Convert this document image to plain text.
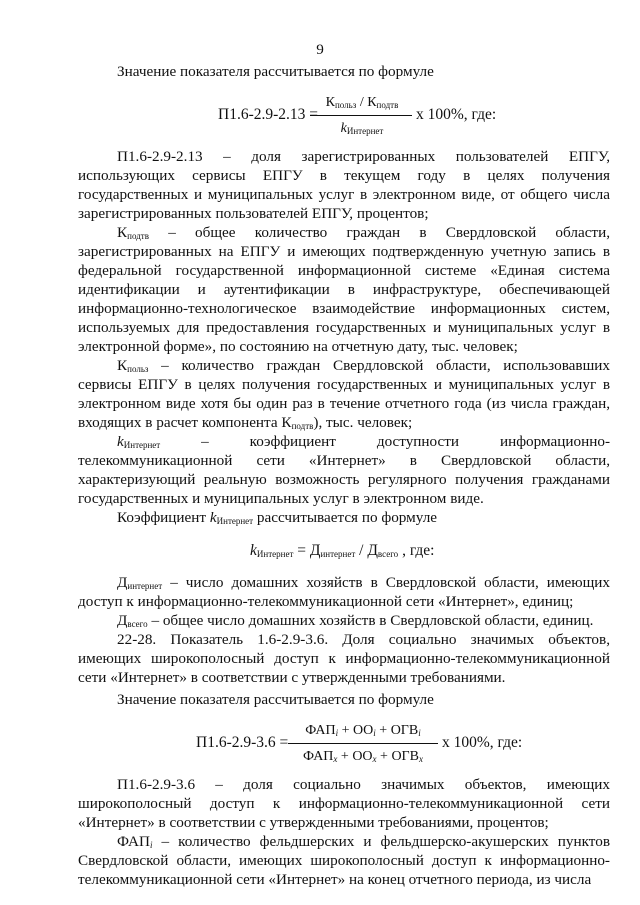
9

Значение показателя рассчитывается по формуле

П1.6-2.9-2.13 =
$К_{польз} / К_{подтв}$
$k_{Интернет}$
х 100%, где:

П1.6-2.9-2.13 – доля зарегистрированных пользователей ЕПГУ, использующих сервисы ЕПГУ в текущем году в целях получения государственных и муниципальных услуг в электронном виде, от общего числа зарегистрированных пользователей ЕПГУ, процентов;

$К_{подтв}$ – общее количество граждан в Свердловской области, зарегистрированных на ЕПГУ и имеющих подтвержденную учетную запись в федеральной государственной информационной системе «Единая система идентификации и аутентификации в инфраструктуре, обеспечивающей информационно-технологическое взаимодействие информационных систем, используемых для предоставления государственных и муниципальных услуг в электронной форме», по состоянию на отчетную дату, тыс. человек;

$К_{польз}$ – количество граждан Свердловской области, использовавших сервисы ЕПГУ в целях получения государственных и муниципальных услуг в электронном виде хотя бы один раз в течение отчетного года (из числа граждан, входящих в расчет компонента $К_{подтв}$), тыс. человек;

$k_{Интернет}$ – коэффициент доступности информационно-телекоммуникационной сети «Интернет» в Свердловской области, характеризующий реальную возможность регулярного получения гражданами государственных и муниципальных услуг в электронном виде.

Коэффициент $k_{Интернет}$ рассчитывается по формуле

$k_{Интернет} = Д_{интернет} / Д_{всего}$ , где:

$Д_{интернет}$ – число домашних хозяйств в Свердловской области, имеющих доступ к информационно-телекоммуникационной сети «Интернет», единиц;

$Д_{всего}$ – общее число домашних хозяйств в Свердловской области, единиц.

22-28. Показатель 1.6-2.9-3.6. Доля социально значимых объектов, имеющих широкополосный доступ к информационно-телекоммуникационной сети «Интернет» в соответствии с утвержденными требованиями.

Значение показателя рассчитывается по формуле

П1.6-2.9-3.6 =
$ФАП_i + ОО_i + ОГВ_i$
$ФАП_x + ОО_x + ОГВ_x$
х 100%, где:

П1.6-2.9-3.6 – доля социально значимых объектов, имеющих широкополосный доступ к информационно-телекоммуникационной сети «Интернет» в соответствии с утвержденными требованиями, процентов;

$ФАП_i$ – количество фельдшерских и фельдшерско-акушерских пунктов Свердловской области, имеющих широкополосный доступ к информационно-телекоммуникационной сети «Интернет» на конец отчетного периода, из числа
